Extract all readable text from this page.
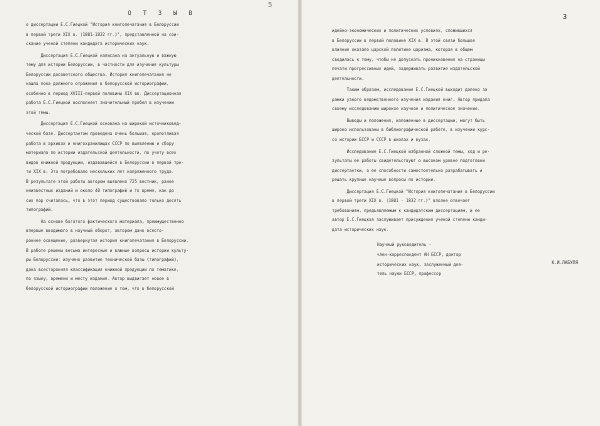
5
О Т З Ы В
о диссертации Е.С.Гиецкой "История книгопечатания в Белоруссии
в первой трети XIX в. (1801-1832 гг.)", представленной на сои-
скание ученой степени кандидата исторических наук.
Диссертация Е.С.Гиецкой написана на актуальную и важную
тему для истории Белоруссии, в частности для изучения культуры
Белоруссии досоветского общества. История книгопечатания не
нашла пока должного отражения в белорусской историографии,
особенно в период XVIII-первой половины XIX вв. Диссертационная
работа Е.С.Гиецкой восполняет значительный пробел в изучении
этой темы.
Диссертация Е.С.Гиецкой основана на широкой источниковед-
ческой базе. Диссертантом проведена очень большая, кропотливая
работа в архивах и книгохранилищах СССР по выявлению и сбору
материала по истории издательской деятельности, по учету всех
видов книжной продукции, издававшейся в Белоруссии в первой тре-
ти XIX в. Это потребовало нескольких лет напряженного труда.
В результате этой работы автором выявлено 725 вестник, ранее
неизвестных изданий и около 40 типографий и то время, как до
сих пор считалось, что в этот период существовало только десять
типографий.
На основе богатого фактического материала, преимущественно
впервые вводимого в научный оборот, автором дано всесто-
роннее освещение, развернутая история книгопечатания в Белоруссии.
В работе решены весьма интересные и важные вопросы истории культу-
ры Белоруссии: изучено развитие технической базы (типографий),
дана всесторонняя классификация книжной продукции по тематике,
по языку, времени и месту издания. Автор выдвигает новое в
белорусской историографии положение о том, что в белорусской
3
идейно-экономических и политических условиях, сложившихся
в Белоруссии в первой половине XIX в. В этой связи большое
влияние оказало царской политике царизма, которая в общем
сводилась к тому, чтобы не допускать проникновения на страницы
печати прогрессивных идей, задерживать развитие издательской
деятельности.
Таким образом, исследование Е.С.Гиецкой выходит далеко за
рамки узкого ведомственного изучения издания книг. Автор придала
своему исследованию широкое научное и политическое значение.
Выводы и положения, изложенные в диссертации, могут быть
широко использованы в библиографической работе, в изучении курс-
со истории БССР и СССР в школах и вузах.
Исследование Е.С.Гиецкой избранной сложной темы, ход и ре-
зультаты ее работы свидетельствуют о высоком уровне подготовки
диссертантки, о ее способности самостоятельно разрабатывать и
решать крупные научные вопросы по истории.
Диссертация Е.С.Гиецкой "История книгопечатания в Белоруссии
в первой трети XIX в. (1801 - 1832 гг.)" вполне отвечает
требованиям, предъявляемым к кандидатским диссертациям, и ее
автор Е.С.Гиецкая заслуживает присуждения ученой степени канди-
дата исторических наук.
Научный руководитель -
член-корреспондент АН БССР, доктор
исторических наук, заслуженный дея-
тель науки БССР, профессор
К.И.ЛАБУЛЯ
